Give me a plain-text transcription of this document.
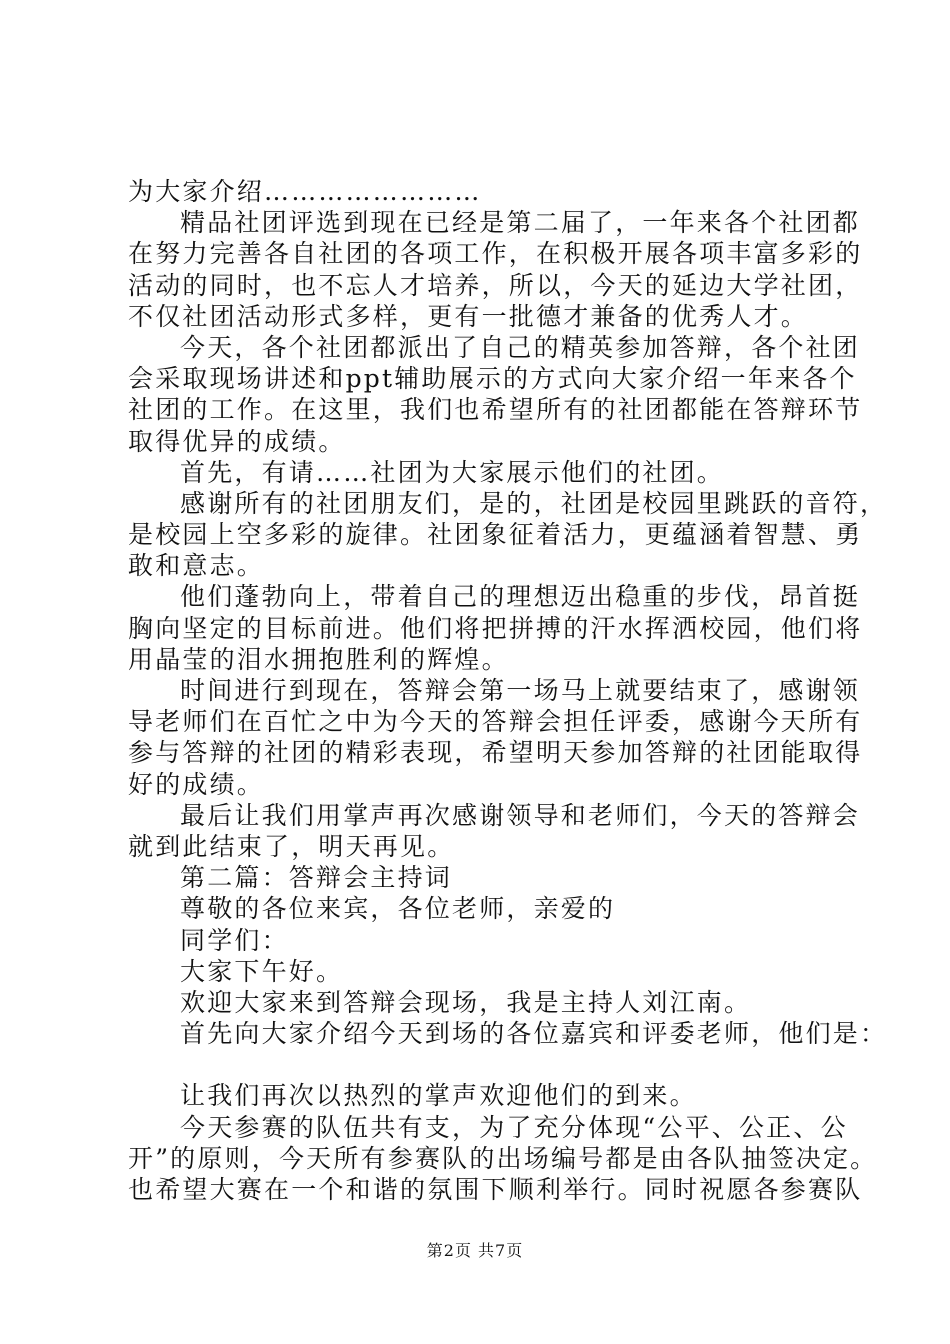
为大家介绍……………………
精品社团评选到现在已经是第二届了，一年来各个社团都
在努力完善各自社团的各项工作，在积极开展各项丰富多彩的
活动的同时，也不忘人才培养，所以，今天的延边大学社团，
不仅社团活动形式多样，更有一批德才兼备的优秀人才。
今天，各个社团都派出了自己的精英参加答辩，各个社团
会采取现场讲述和ppt辅助展示的方式向大家介绍一年来各个
社团的工作。在这里，我们也希望所有的社团都能在答辩环节
取得优异的成绩。
首先，有请……社团为大家展示他们的社团。
感谢所有的社团朋友们，是的，社团是校园里跳跃的音符，
是校园上空多彩的旋律。社团象征着活力，更蕴涵着智慧、勇
敢和意志。
他们蓬勃向上，带着自己的理想迈出稳重的步伐，昂首挺
胸向坚定的目标前进。他们将把拼搏的汗水挥洒校园，他们将
用晶莹的泪水拥抱胜利的辉煌。
时间进行到现在，答辩会第一场马上就要结束了，感谢领
导老师们在百忙之中为今天的答辩会担任评委，感谢今天所有
参与答辩的社团的精彩表现，希望明天参加答辩的社团能取得
好的成绩。
最后让我们用掌声再次感谢领导和老师们，今天的答辩会
就到此结束了，明天再见。
第二篇：答辩会主持词
尊敬的各位来宾，各位老师，亲爱的
同学们：
大家下午好。
欢迎大家来到答辩会现场，我是主持人刘江南。
首先向大家介绍今天到场的各位嘉宾和评委老师，他们是：
让我们再次以热烈的掌声欢迎他们的到来。
今天参赛的队伍共有支，为了充分体现“公平、公正、公
开”的原则，今天所有参赛队的出场编号都是由各队抽签决定。
也希望大赛在一个和谐的氛围下顺利举行。同时祝愿各参赛队
第2页 共7页
